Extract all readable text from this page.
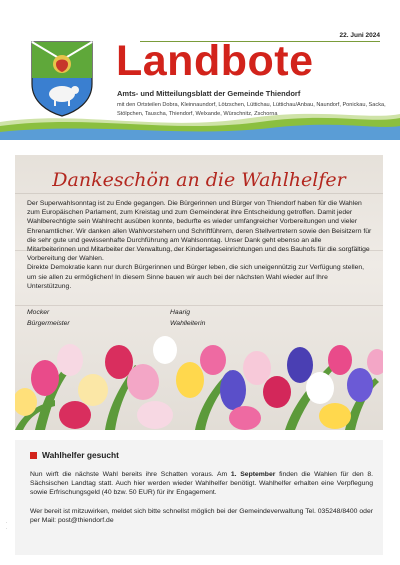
22. Juni 2024
Landbote
Amts- und Mitteilungsblatt der Gemeinde Thiendorf
mit den Ortsteilen Dobra, Kleinnaundorf, Lötzschen, Lüttichau, Lüttichau/Anbau, Naundorf, Ponickau, Sacka, Stölpchen, Tauscha, Thiendorf, Welxande, Würschnitz, Zschorna
Dankeschön an die Wahlhelfer

Der Superwahlsonntag ist zu Ende gegangen. Die Bürgerinnen und Bürger von Thiendorf haben für die Wahlen zum Europäischen Parlament, zum Kreistag und zum Gemeinderat ihre Entscheidung getroffen. Damit jeder Wahlberechtigte sein Wahlrecht ausüben konnte, bedurfte es wieder umfangreicher Vorbereitungen und vieler Ehrenamtlicher. Wir danken allen Wahlvorstehern und Schriftführern, deren Stellvertretern sowie den Beisitzern für die sehr gute und gewissenhafte Durchführung am Wahlsonntag. Unser Dank geht ebenso an alle Mitarbeiterinnen und Mitarbeiter der Verwaltung, der Kindertageseinrichtungen und des Bauhofs für die sorgfältige Vorbereitung der Wahlen.

Direkte Demokratie kann nur durch Bürgerinnen und Bürger leben, die sich uneigennützig zur Verfügung stellen, um sie allen zu ermöglichen! In diesem Sinne bauen wir auch bei der nächsten Wahl wieder auf Ihre Unterstützung.

Mocker
Bürgermeister
Haarig
Wahlleiterin
Wahlhelfer gesucht

Nun wirft die nächste Wahl bereits ihre Schatten voraus. Am 1. September finden die Wahlen für den 8. Sächsischen Landtag statt. Auch hier werden wieder Wahlhelfer benötigt. Wahlhelfer erhalten eine Verpflegung sowie Erfrischungsgeld (40 bzw. 50 EUR) für ihr Engagement.

Wer bereit ist mitzuwirken, meldet sich bitte schnellst möglich bei der Gemeindeverwaltung Tel. 035248/8400 oder per Mail: post@thiendorf.de

·
·
